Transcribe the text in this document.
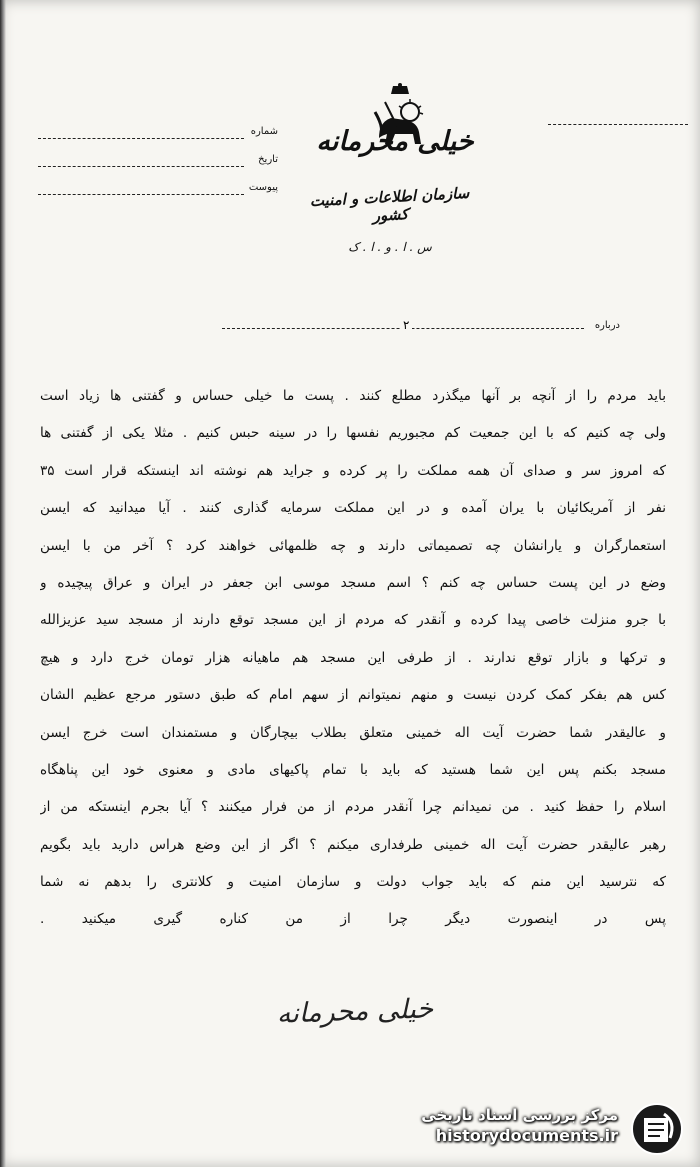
شماره
تاریخ
پیوست
خیلی محرمانه
سازمان اطلاعات و امنیت کشور
س . ا . و . ا . ک
درباره
۲
باید مردم را از آنچه بر آنها میگذرد مطلع کنند . پست ما خیلی حساس و گفتنی ها زیاد است
ولی چه کنیم که با این جمعیت کم مجبوریم نفسها را در سینه حبس کنیم . مثلا یکی از گفتنی ها
که امروز سر و صدای آن همه مملکت را پر کرده و جراید هم نوشته اند اینستکه قرار است ۳۵
نفر از آمریکائیان با یران آمده و در این مملکت سرمایه گذاری کنند . آیا میدانید که ایسن
استعمارگران و یارانشان چه تصمیماتی دارند و چه ظلمهائی خواهند کرد ؟ آخر من با ایسن
وضع در این پست حساس چه کنم ؟ اسم مسجد موسی ابن جعفر در ایران و عراق پیچیده و
با جرو منزلت خاصی پیدا کرده و آنقدر که مردم از این مسجد توقع دارند از مسجد سید عزیزالله
و ترکها و بازار توقع ندارند . از طرفی این مسجد هم ماهیانه هزار تومان خرج دارد و هیچ
کس هم بفکر کمک کردن نیست و منهم نمیتوانم از سهم امام که طبق دستور مرجع عظیم الشان
و عالیقدر شما حضرت آیت اله خمینی متعلق بطلاب بیچارگان و مستمندان است خرج ایسن
مسجد بکنم پس این شما هستید که باید با تمام پاکیهای مادی و معنوی خود این پناهگاه
اسلام را حفظ کنید . من نمیدانم چرا آنقدر مردم از من فرار میکنند ؟ آیا بجرم اینستکه من از
رهبر عالیقدر حضرت آیت اله خمینی طرفداری میکنم ؟ اگر از این وضع هراس دارید باید بگویم
که نترسید این منم که باید جواب دولت و سازمان امنیت و کلانتری را بدهم نه شما
پس در اینصورت دیگر چرا از من کناره گیری میکنید .
خیلی محرمانه
مرکز بررسی اسناد تاریخی
historydocuments.ir
